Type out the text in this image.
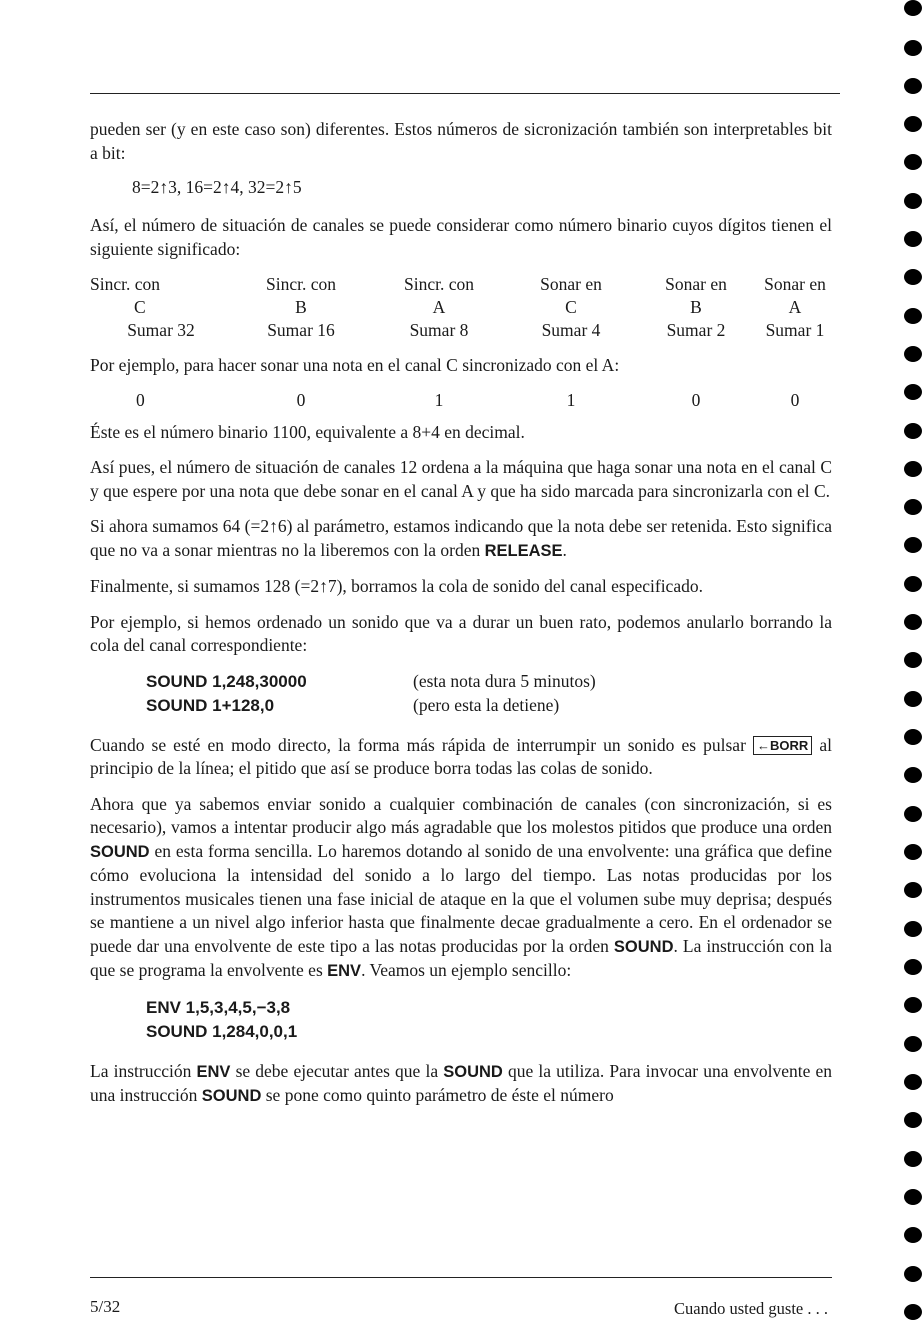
pueden ser (y en este caso son) diferentes. Estos números de sicronización también son interpretables bit a bit:

8=2↑3, 16=2↑4, 32=2↑5

Así, el número de situación de canales se puede considerar como número binario cuyos dígitos tienen el siguiente significado:

Sincr. con	Sincr. con	Sincr. con	Sonar en	Sonar en	Sonar en
C	B	A	C	B	A
Sumar 32	Sumar 16	Sumar 8	Sumar 4	Sumar 2	Sumar 1

Por ejemplo, para hacer sonar una nota en el canal C sincronizado con el A:

0	0	1	1	0	0

Éste es el número binario 1100, equivalente a 8+4 en decimal.

Así pues, el número de situación de canales 12 ordena a la máquina que haga sonar una nota en el canal C y que espere por una nota que debe sonar en el canal A y que ha sido marcada para sincronizarla con el C.

Si ahora sumamos 64 (=2↑6) al parámetro, estamos indicando que la nota debe ser retenida. Esto significa que no va a sonar mientras no la liberemos con la orden RELEASE.

Finalmente, si sumamos 128 (=2↑7), borramos la cola de sonido del canal especificado.

Por ejemplo, si hemos ordenado un sonido que va a durar un buen rato, podemos anularlo borrando la cola del canal correspondiente:

SOUND 1,248,30000	(esta nota dura 5 minutos)
SOUND 1+128,0	(pero esta la detiene)

Cuando se esté en modo directo, la forma más rápida de interrumpir un sonido es pulsar ←BORR al principio de la línea; el pitido que así se produce borra todas las colas de sonido.

Ahora que ya sabemos enviar sonido a cualquier combinación de canales (con sincronización, si es necesario), vamos a intentar producir algo más agradable que los molestos pitidos que produce una orden SOUND en esta forma sencilla. Lo haremos dotando al sonido de una envolvente: una gráfica que define cómo evoluciona la intensidad del sonido a lo largo del tiempo. Las notas producidas por los instrumentos musicales tienen una fase inicial de ataque en la que el volumen sube muy deprisa; después se mantiene a un nivel algo inferior hasta que finalmente decae gradualmente a cero. En el ordenador se puede dar una envolvente de este tipo a las notas producidas por la orden SOUND. La instrucción con la que se programa la envolvente es ENV. Veamos un ejemplo sencillo:

ENV 1,5,3,4,5,−3,8
SOUND 1,284,0,0,1

La instrucción ENV se debe ejecutar antes que la SOUND que la utiliza. Para invocar una envolvente en una instrucción SOUND se pone como quinto parámetro de éste el número

5/32	Cuando usted guste . . .
